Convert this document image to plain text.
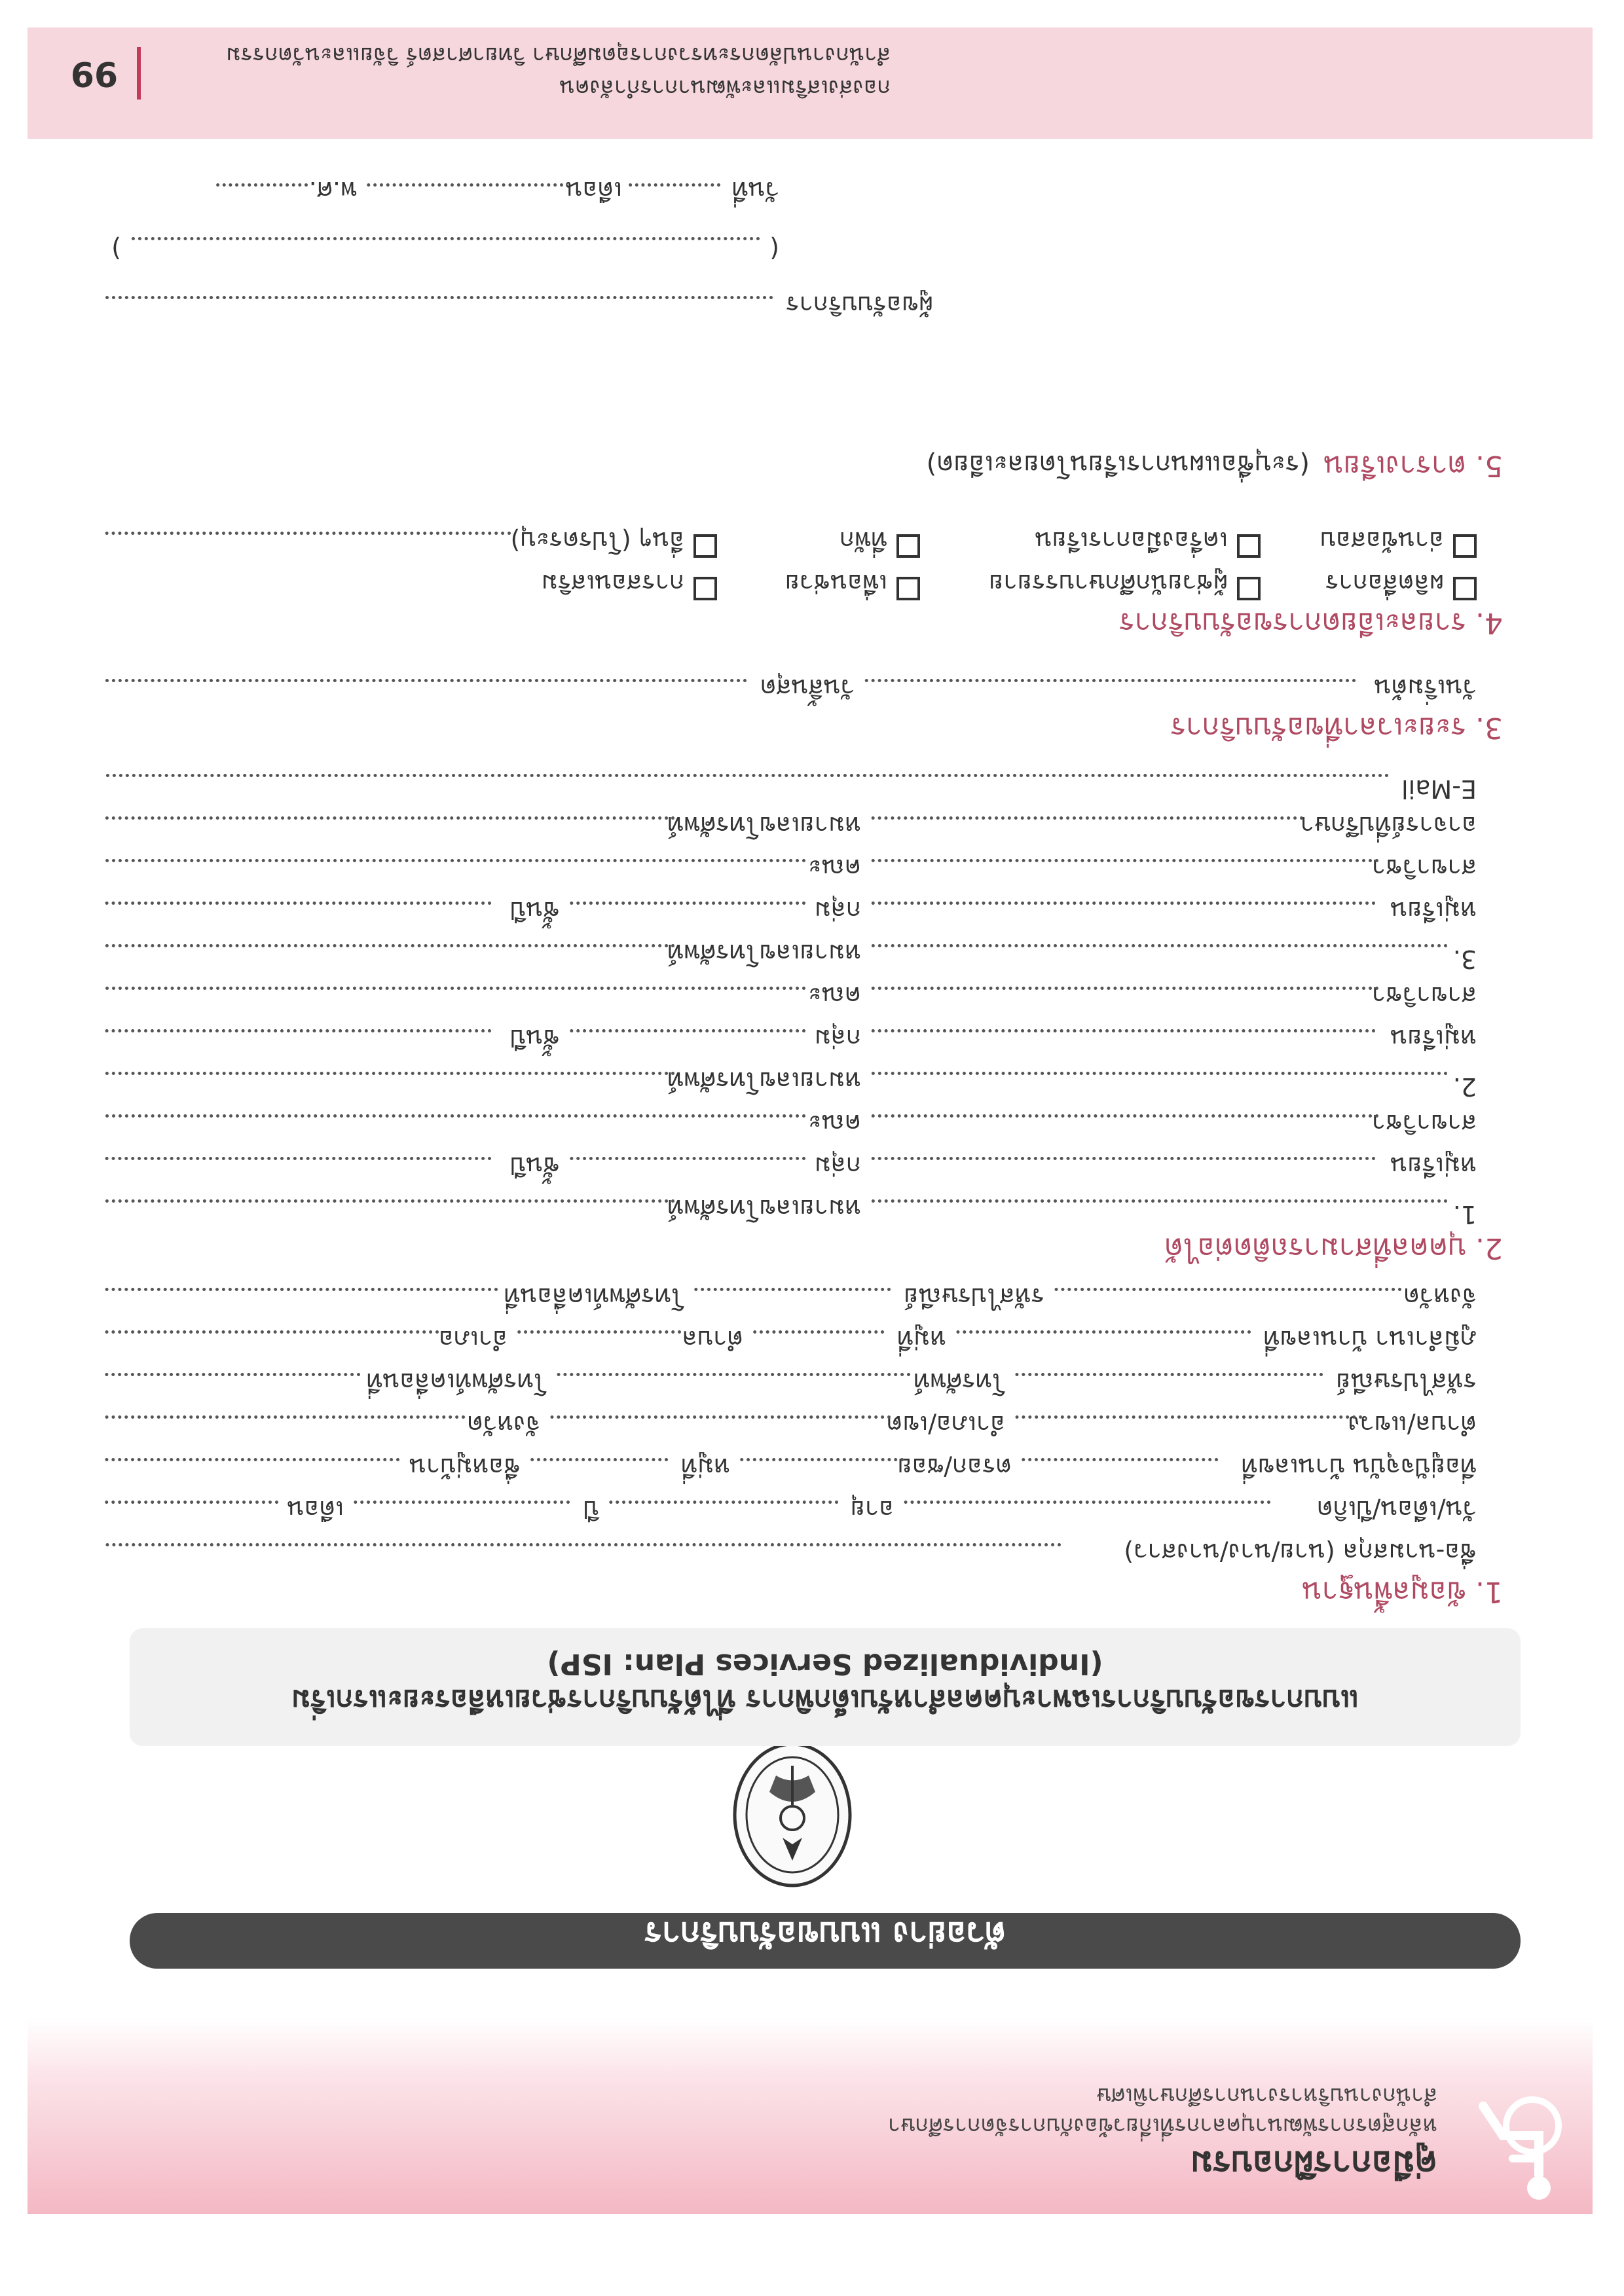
คู่มือการฝึกอบรม
หลักสูตรการพัฒนาบุคลากรที่เกี่ยวข้องกับการจัดการศึกษา
สำนักงานบริหารงานการศึกษาพิเศษ
ตัวอย่าง แบบขอรับบริการ
แบบการขอรับบริการเฉพาะบุคคลสำหรับเด็กพิการ ที่ได้รับบริการช่วยเหลือระยะแรกเริ่ม
(Individualized Services Plan: ISP)
1. ข้อมูลพื้นฐาน
ชื่อ-นามสกุล (นาย/นาง/นางสาว)
วัน/เดือน/ปีเกิด
อายุ
ปี
เดือน
ที่อยู่ปัจจุบัน บ้านเลขที่
ตรอก/ซอย
หมู่ที่
ชื่อหมู่บ้าน
ตำบล/แขวง
อำเภอ/เขต
จังหวัด
รหัสไปรษณีย์
โทรศัพท์
โทรศัพท์เคลื่อนที่
ภูมิลำเนา บ้านเลขที่
หมู่ที่
ตำบล
อำเภอ
จังหวัด
รหัสไปรษณีย์
โทรศัพท์เคลื่อนที่
2. บุคคลที่สามารถติดต่อได้
1.
หมายเลขโทรศัพท์
หมู่เรียน
กลุ่ม
ชั้นปี
สาขาวิชา
คณะ
2.
หมายเลขโทรศัพท์
หมู่เรียน
กลุ่ม
ชั้นปี
สาขาวิชา
คณะ
3.
หมายเลขโทรศัพท์
หมู่เรียน
กลุ่ม
ชั้นปี
สาขาวิชา
คณะ
อาจารย์ที่ปรึกษา
หมายเลขโทรศัพท์
E-Mail
3. ระยะเวลาที่ขอรับบริการ
วันเริ่มต้น
วันสิ้นสุด
4. รายละเอียดการขอรับบริการ
ผลิตสื่อการ
ผู้ช่วยนักศึกษาบรรยาย
เพื่อนช่วย
การสอนเสริม
อ่านข้อสอบ
เครื่องมือการเรียน
ที่พัก
อื่นๆ (โปรดระบุ)
5. ตารางเรียน
(ระบุชื่อแผนการเรียนโดยละเอียด)
ผู้ขอรับบริการ
(
)
วันที่
เดือน
พ.ศ.
กองส่งเสริมและพัฒนาการกำลังคน
สำนักงานปลัดกระทรวงการอุดมศึกษา วิทยาศาสตร์ วิจัยและนวัตกรรม
99
